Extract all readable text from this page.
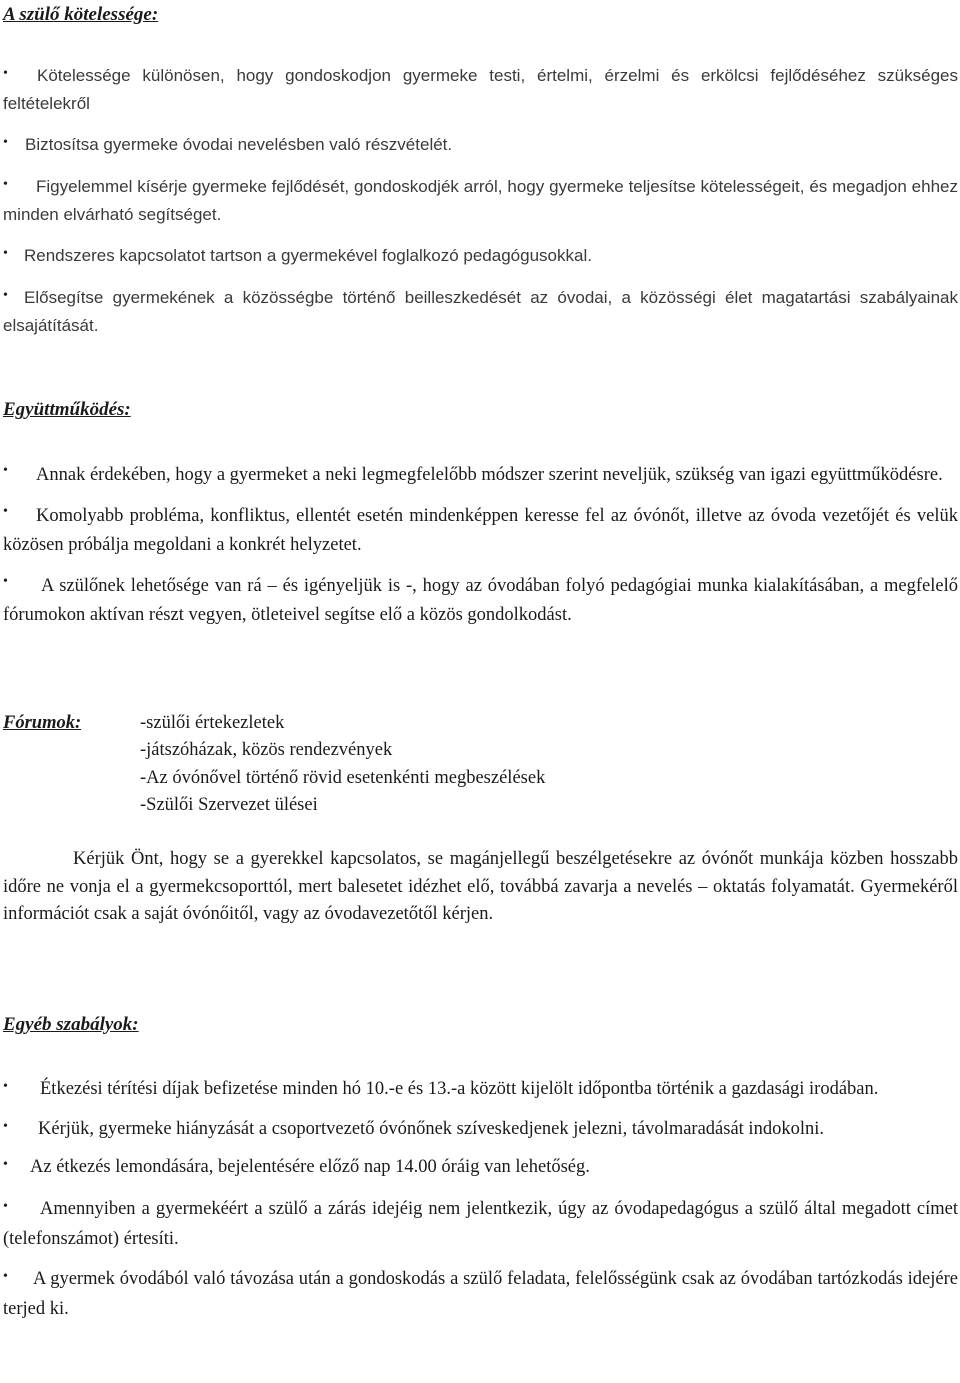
A szülő kötelessége:
•	Kötelessége különösen, hogy gondoskodjon gyermeke testi, értelmi, érzelmi és erkölcsi fejlődéséhez szükséges feltételekről
•	Biztosítsa gyermeke óvodai nevelésben való részvételét.
•	Figyelemmel kísérje gyermeke fejlődését, gondoskodjék arról, hogy gyermeke teljesítse kötelességeit, és megadjon ehhez minden elvárható segítséget.
• Rendszeres kapcsolatot tartson a gyermekével foglalkozó pedagógusokkal.
• Elősegítse gyermekének a közösségbe történő beilleszkedését az óvodai, a közösségi élet magatartási szabályainak elsajátítását.
Együttműködés:
•	Annak érdekében, hogy a gyermeket a neki legmegfelelőbb módszer szerint neveljük, szükség van igazi együttműködésre.
•	Komolyabb probléma, konfliktus, ellentét esetén mindenképpen keresse fel az óvónőt, illetve az óvoda vezetőjét és velük közösen próbálja megoldani a konkrét helyzetet.
•	A szülőnek lehetősége van rá – és igényeljük is -, hogy az óvodában folyó pedagógiai munka kialakításában, a megfelelő fórumokon aktívan részt vegyen, ötleteivel segítse elő a közös gondolkodást.
Fórumok:	-szülői értekezletek
-játszóházak, közös rendezvények
-Az óvónővel történő rövid esetenkénti megbeszélések
-Szülői Szervezet ülései

Kérjük Önt, hogy se a gyerekkel kapcsolatos, se magánjellegű beszélgetésekre az óvónőt munkája közben hosszabb időre ne vonja el a gyermekcsoporttól, mert balesetet idézhet elő, továbbá zavarja a nevelés – oktatás folyamatát. Gyermekéről információt csak a saját óvónőitől, vagy az óvodavezetőtől kérjen.

Egyéb szabályok:
•	Étkezési térítési díjak befizetése minden hó 10.-e és 13.-a között kijelölt időpontba történik a gazdasági irodában.
•	Kérjük, gyermeke hiányzását a csoportvezető óvónőnek szíveskedjenek jelezni, távolmaradását indokolni.
•	Az étkezés lemondására, bejelentésére előző nap 14.00 óráig van lehetőség.
•	Amennyiben a gyermekéért a szülő a zárás idejéig nem jelentkezik, úgy az óvodapedagógus a szülő által megadott címet (telefonszámot) értesíti.
•	A gyermek óvodából való távozása után a gondoskodás a szülő feladata, felelősségünk csak az óvodában tartózkodás idejére terjed ki.
